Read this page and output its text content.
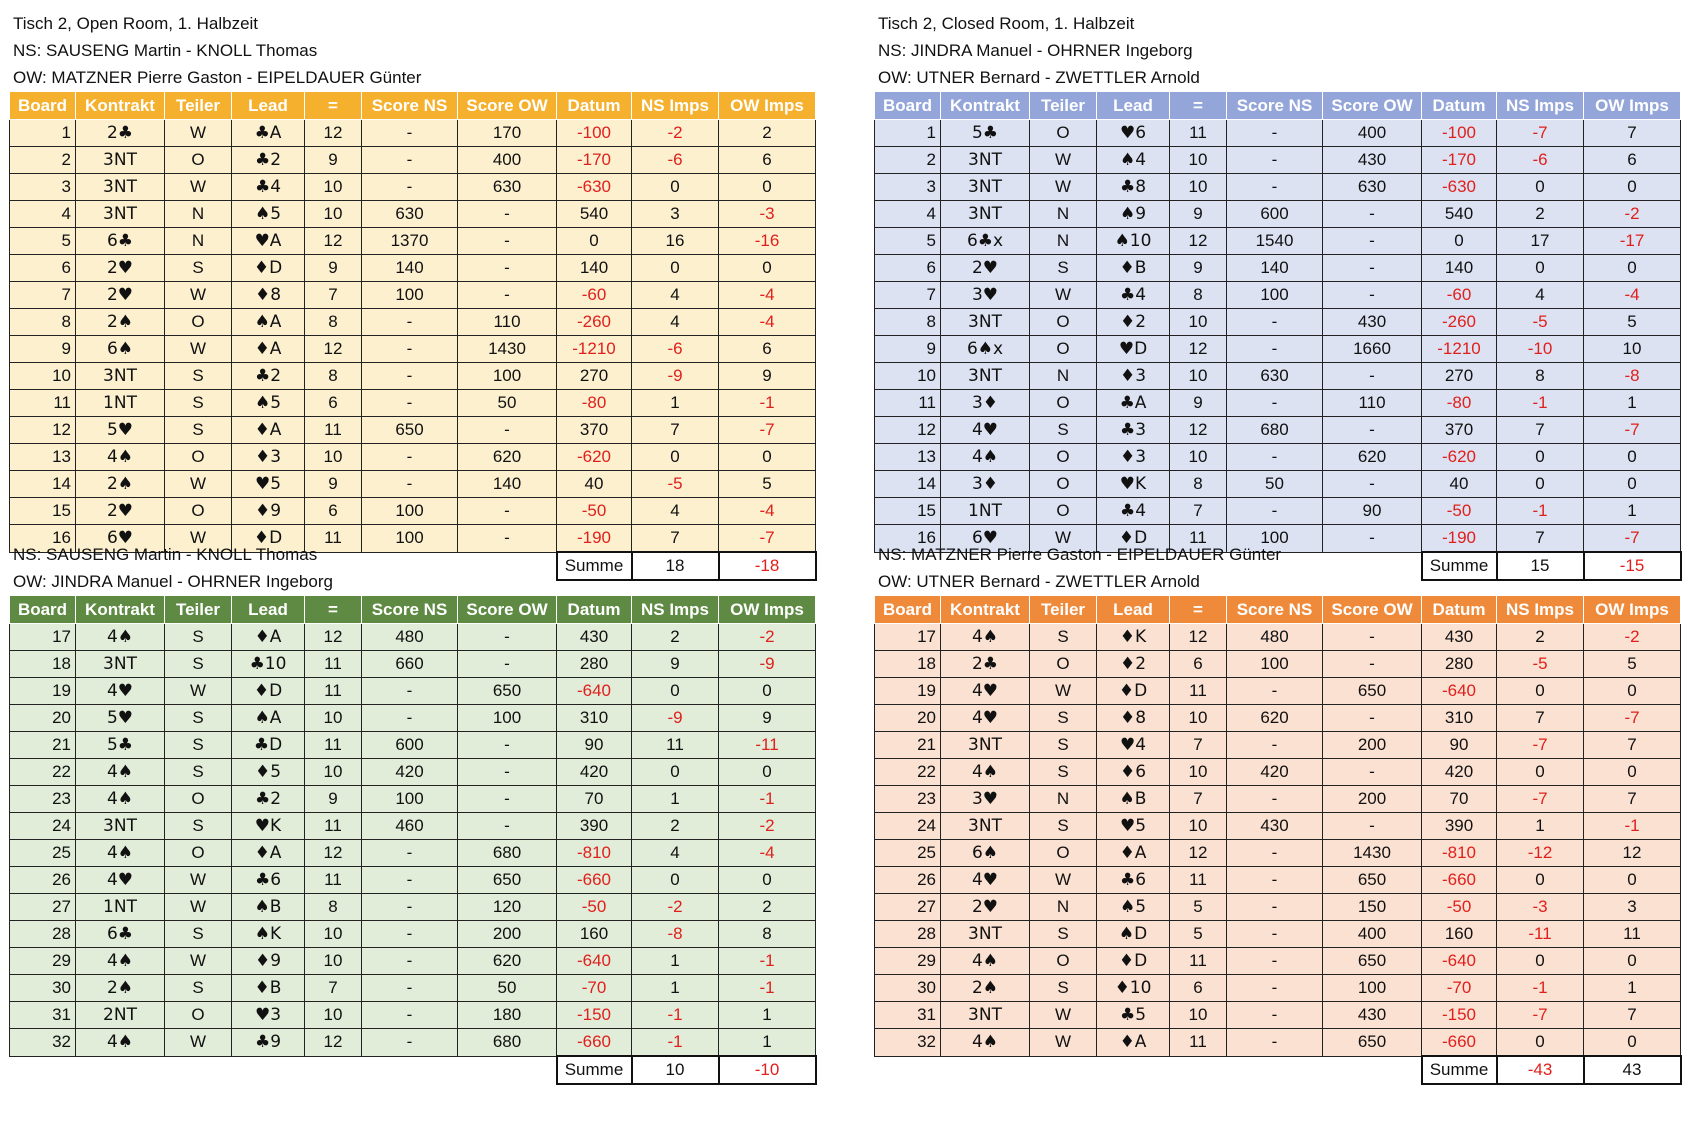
Tisch 2, Open Room, 1. Halbzeit
NS: SAUSENG Martin - KNOLL Thomas
OW: MATZNER Pierre Gaston - EIPELDAUER Günter
Board	Kontrakt	Teiler	Lead	=	Score NS	Score OW	Datum	NS Imps	OW Imps
1	2♣	W	♣A	12	-	170	-100	-2	2
2	3NT	O	♣2	9	-	400	-170	-6	6
3	3NT	W	♣4	10	-	630	-630	0	0
4	3NT	N	♠5	10	630	-	540	3	-3
5	6♣	N	♥A	12	1370	-	0	16	-16
6	2♥	S	♦D	9	140	-	140	0	0
7	2♥	W	♦8	7	100	-	-60	4	-4
8	2♠	O	♠A	8	-	110	-260	4	-4
9	6♠	W	♦A	12	-	1430	-1210	-6	6
10	3NT	S	♣2	8	-	100	270	-9	9
11	1NT	S	♠5	6	-	50	-80	1	-1
12	5♥	S	♦A	11	650	-	370	7	-7
13	4♠	O	♦3	10	-	620	-620	0	0
14	2♠	W	♥5	9	-	140	40	-5	5
15	2♥	O	♦9	6	100	-	-50	4	-4
16	6♥	W	♦D	11	100	-	-190	7	-7
							Summe	18	-18
Tisch 2, Closed Room, 1. Halbzeit
NS: JINDRA Manuel - OHRNER Ingeborg
OW: UTNER Bernard - ZWETTLER Arnold
Board	Kontrakt	Teiler	Lead	=	Score NS	Score OW	Datum	NS Imps	OW Imps
1	5♣	O	♥6	11	-	400	-100	-7	7
2	3NT	W	♠4	10	-	430	-170	-6	6
3	3NT	W	♣8	10	-	630	-630	0	0
4	3NT	N	♠9	9	600	-	540	2	-2
5	6♣x	N	♠10	12	1540	-	0	17	-17
6	2♥	S	♦B	9	140	-	140	0	0
7	3♥	W	♣4	8	100	-	-60	4	-4
8	3NT	O	♦2	10	-	430	-260	-5	5
9	6♠x	O	♥D	12	-	1660	-1210	-10	10
10	3NT	N	♦3	10	630	-	270	8	-8
11	3♦	O	♣A	9	-	110	-80	-1	1
12	4♥	S	♣3	12	680	-	370	7	-7
13	4♠	O	♦3	10	-	620	-620	0	0
14	3♦	O	♥K	8	50	-	40	0	0
15	1NT	O	♣4	7	-	90	-50	-1	1
16	6♥	W	♦D	11	100	-	-190	7	-7
							Summe	15	-15
NS: SAUSENG Martin - KNOLL Thomas
OW: JINDRA Manuel - OHRNER Ingeborg
Board	Kontrakt	Teiler	Lead	=	Score NS	Score OW	Datum	NS Imps	OW Imps
17	4♠	S	♦A	12	480	-	430	2	-2
18	3NT	S	♣10	11	660	-	280	9	-9
19	4♥	W	♦D	11	-	650	-640	0	0
20	5♥	S	♠A	10	-	100	310	-9	9
21	5♣	S	♣D	11	600	-	90	11	-11
22	4♠	S	♦5	10	420	-	420	0	0
23	4♠	O	♣2	9	100	-	70	1	-1
24	3NT	S	♥K	11	460	-	390	2	-2
25	4♠	O	♦A	12	-	680	-810	4	-4
26	4♥	W	♣6	11	-	650	-660	0	0
27	1NT	W	♠B	8	-	120	-50	-2	2
28	6♣	S	♠K	10	-	200	160	-8	8
29	4♠	W	♦9	10	-	620	-640	1	-1
30	2♠	S	♦B	7	-	50	-70	1	-1
31	2NT	O	♥3	10	-	180	-150	-1	1
32	4♠	W	♣9	12	-	680	-660	-1	1
							Summe	10	-10
NS: MATZNER Pierre Gaston - EIPELDAUER Günter
OW: UTNER Bernard - ZWETTLER Arnold
Board	Kontrakt	Teiler	Lead	=	Score NS	Score OW	Datum	NS Imps	OW Imps
17	4♠	S	♦K	12	480	-	430	2	-2
18	2♣	O	♦2	6	100	-	280	-5	5
19	4♥	W	♦D	11	-	650	-640	0	0
20	4♥	S	♦8	10	620	-	310	7	-7
21	3NT	S	♥4	7	-	200	90	-7	7
22	4♠	S	♦6	10	420	-	420	0	0
23	3♥	N	♠B	7	-	200	70	-7	7
24	3NT	S	♥5	10	430	-	390	1	-1
25	6♠	O	♦A	12	-	1430	-810	-12	12
26	4♥	W	♣6	11	-	650	-660	0	0
27	2♥	N	♠5	5	-	150	-50	-3	3
28	3NT	S	♠D	5	-	400	160	-11	11
29	4♠	O	♦D	11	-	650	-640	0	0
30	2♠	S	♦10	6	-	100	-70	-1	1
31	3NT	W	♣5	10	-	430	-150	-7	7
32	4♠	W	♦A	11	-	650	-660	0	0
							Summe	-43	43
